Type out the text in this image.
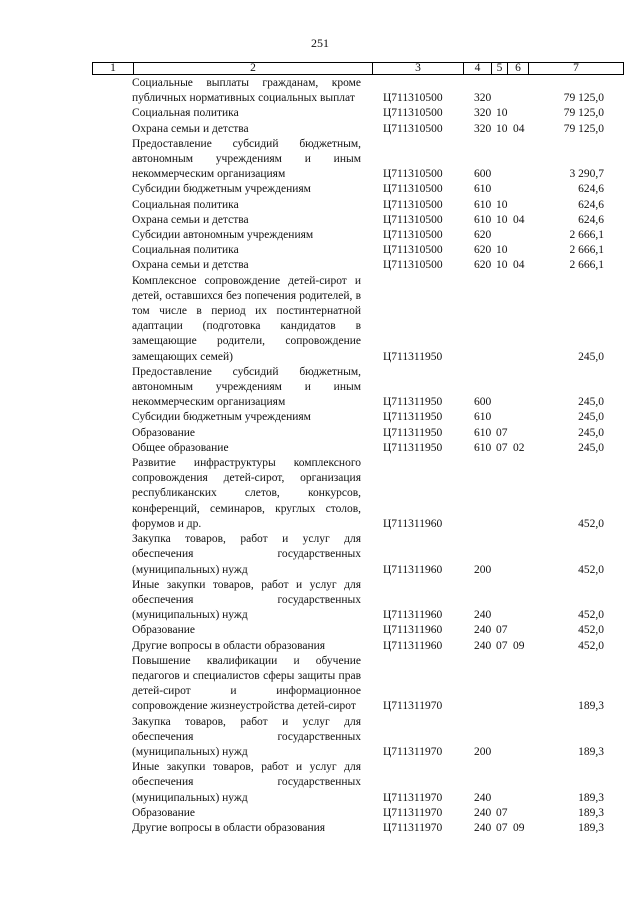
251
1	2	3	4	5	6	7
Социальные выплаты гражданам, кроме публичных нормативных социальных выплат	Ц711310500	320	79 125,0
Социальная политика	Ц711310500	320 10	79 125,0
Охрана семьи и детства	Ц711310500	320 10 04	79 125,0
Предоставление субсидий бюджетным, автономным учреждениям и иным некоммерческим организациям	Ц711310500	600	3 290,7
Субсидии бюджетным учреждениям	Ц711310500	610	624,6
Социальная политика	Ц711310500	610 10	624,6
Охрана семьи и детства	Ц711310500	610 10 04	624,6
Субсидии автономным учреждениям	Ц711310500	620	2 666,1
Социальная политика	Ц711310500	620 10	2 666,1
Охрана семьи и детства	Ц711310500	620 10 04	2 666,1
Комплексное сопровождение детей-сирот и детей, оставшихся без попечения родителей, в том числе в период их постинтернатной адаптации (подготовка кандидатов в замещающие родители, сопровождение замещающих семей)	Ц711311950	245,0
Предоставление субсидий бюджетным, автономным учреждениям и иным некоммерческим организациям	Ц711311950	600	245,0
Субсидии бюджетным учреждениям	Ц711311950	610	245,0
Образование	Ц711311950	610 07	245,0
Общее образование	Ц711311950	610 07 02	245,0
Развитие инфраструктуры комплексного сопровождения детей-сирот, организация республиканских слетов, конкурсов, конференций, семинаров, круглых столов, форумов и др.	Ц711311960	452,0
Закупка товаров, работ и услуг для обеспечения государственных (муниципальных) нужд	Ц711311960	200	452,0
Иные закупки товаров, работ и услуг для обеспечения государственных (муниципальных) нужд	Ц711311960	240	452,0
Образование	Ц711311960	240 07	452,0
Другие вопросы в области образования	Ц711311960	240 07 09	452,0
Повышение квалификации и обучение педагогов и специалистов сферы защиты прав детей-сирот и информационное сопровождение жизнеустройства детей-сирот	Ц711311970	189,3
Закупка товаров, работ и услуг для обеспечения государственных (муниципальных) нужд	Ц711311970	200	189,3
Иные закупки товаров, работ и услуг для обеспечения государственных (муниципальных) нужд	Ц711311970	240	189,3
Образование	Ц711311970	240 07	189,3
Другие вопросы в области образования	Ц711311970	240 07 09	189,3
